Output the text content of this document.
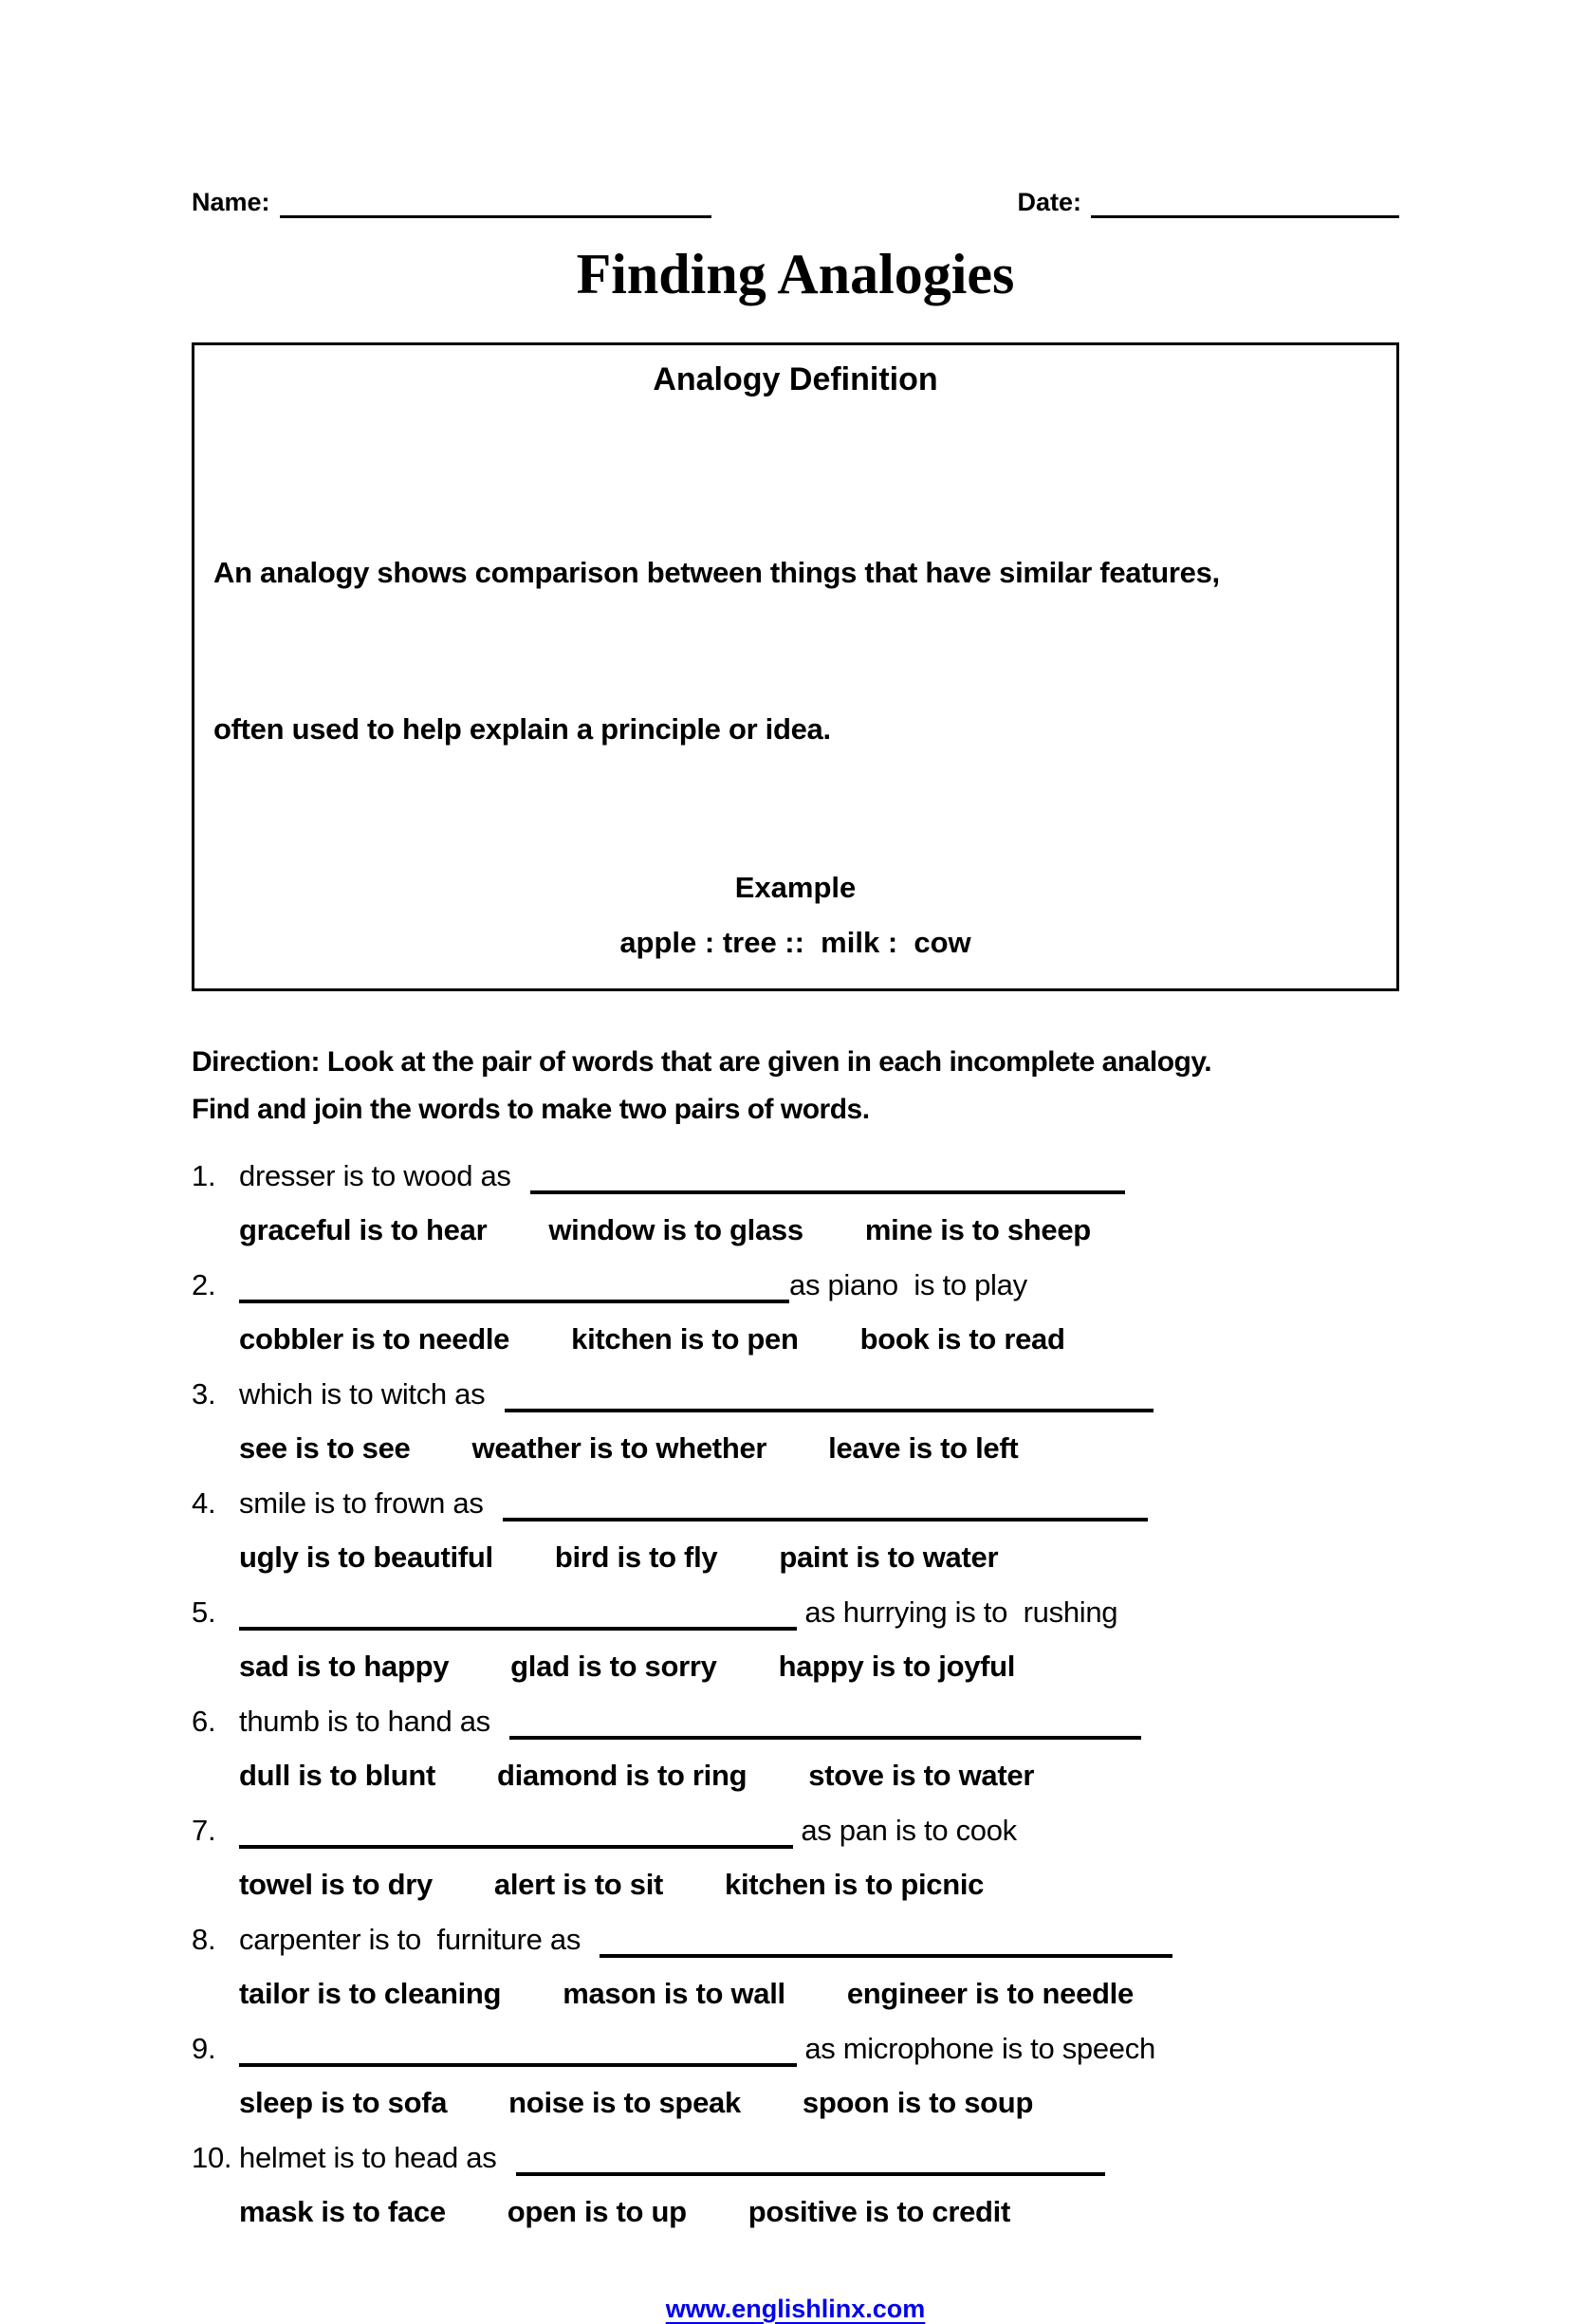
Name:	Date:
Finding Analogies
Analogy Definition

An analogy shows comparison between things that have similar features,

often used to help explain a principle or idea.

Example
apple : tree ::  milk :  cow
Direction: Look at the pair of words that are given in each incomplete analogy.
Find and join the words to make two pairs of words.
1. dresser is to wood as
graceful is to hear window is to glass mine is to sheep
2.	as piano  is to play
cobbler is to needle kitchen is to pen book is to read
3. which is to witch as
see is to see weather is to whether leave is to left
4. smile is to frown as
ugly is to beautiful bird is to fly paint is to water
5.	as hurrying is to  rushing
sad is to happy glad is to sorry happy is to joyful
6. thumb is to hand as
dull is to blunt diamond is to ring stove is to water
7.	as pan is to cook
towel is to dry alert is to sit kitchen is to picnic
8. carpenter is to  furniture as
tailor is to cleaning mason is to wall engineer is to needle
9.	as microphone is to speech
sleep is to sofa noise is to speak spoon is to soup
10. helmet is to head as
mask is to face open is to up positive is to credit
www.englishlinx.com
